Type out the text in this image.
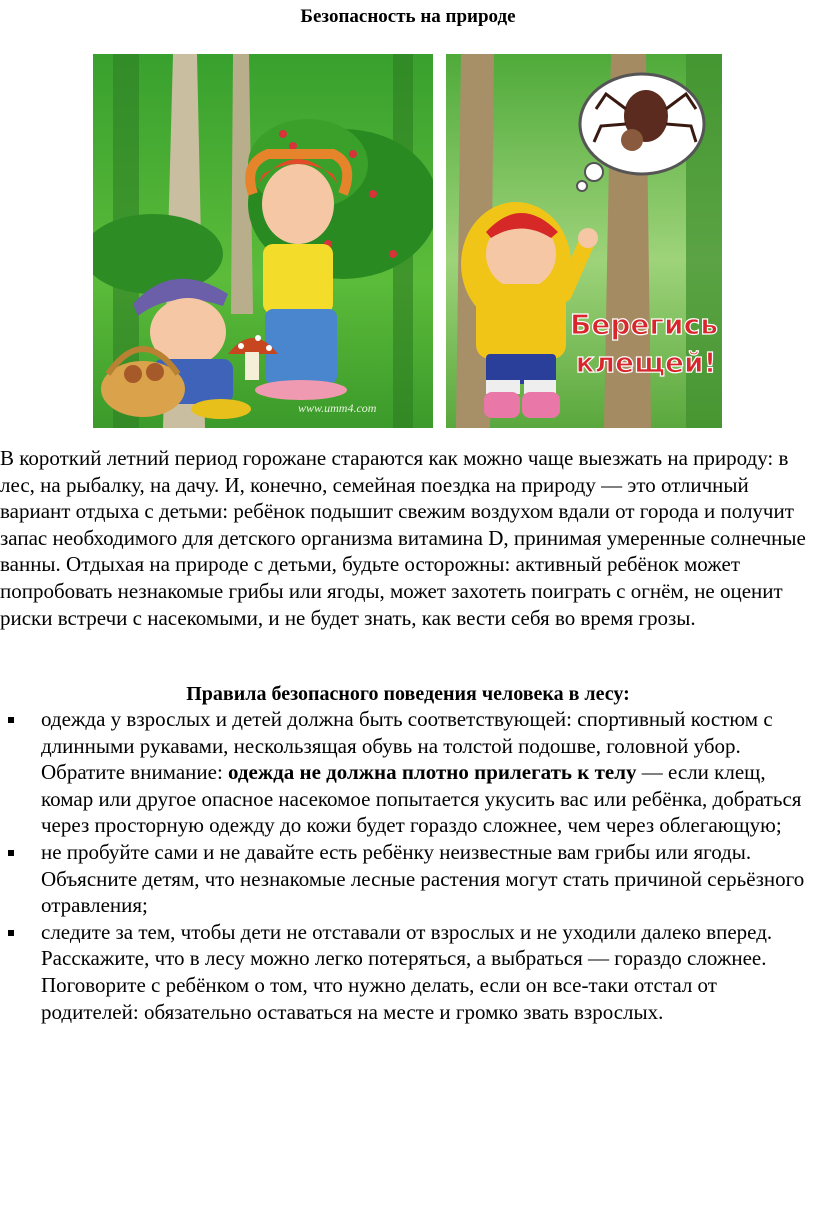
Безопасность на природе
www.umm4.com
Берегись
клещей!

В короткий летний период горожане стараются как можно чаще выезжать на природу: в лес, на рыбалку, на дачу. И, конечно, семейная поездка на природу — это отличный вариант отдыха с детьми: ребёнок подышит свежим воздухом вдали от города и получит запас необходимого для детского организма витамина D, принимая умеренные солнечные ванны. Отдыхая на природе с детьми, будьте осторожны: активный ребёнок может попробовать незнакомые грибы или ягоды, может захотеть поиграть с огнём, не оценит риски встречи с насекомыми, и не будет знать, как вести себя во время грозы.

Правила безопасного поведения человека в лесу:
одежда у взрослых и детей должна быть соответствующей: спортивный костюм с длинными рукавами, нескользящая обувь на толстой подошве, головной убор. Обратите внимание: одежда не должна плотно прилегать к телу — если клещ, комар или другое опасное насекомое попытается укусить вас или ребёнка, добраться через просторную одежду до кожи будет гораздо сложнее, чем через облегающую;
не пробуйте сами и не давайте есть ребёнку неизвестные вам грибы или ягоды. Объясните детям, что незнакомые лесные растения могут стать причиной серьёзного отравления;
следите за тем, чтобы дети не отставали от взрослых и не уходили далеко вперед. Расскажите, что в лесу можно легко потеряться, а выбраться — гораздо сложнее. Поговорите с ребёнком о том, что нужно делать, если он все-таки отстал от родителей: обязательно оставаться на месте и громко звать взрослых.
